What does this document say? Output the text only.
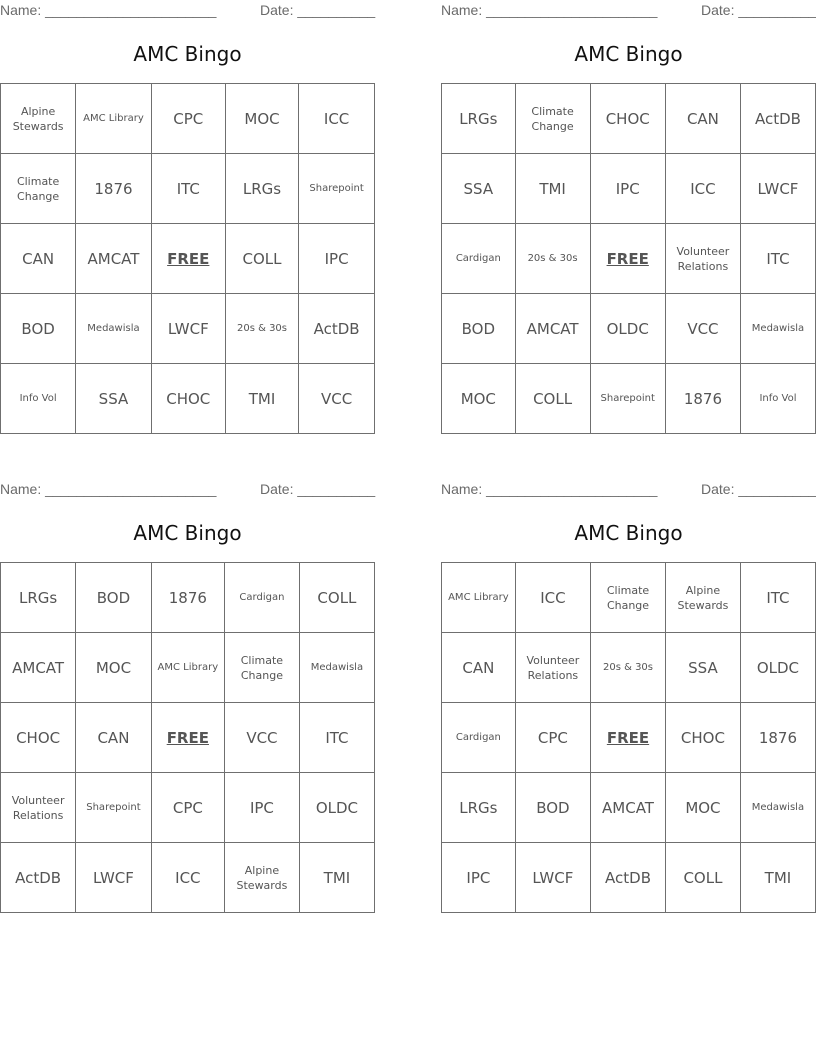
Name: ______________________	Date: __________
AMC Bingo
Alpine Stewards	AMC Library	CPC	MOC	ICC
Climate Change	1876	ITC	LRGs	Sharepoint
CAN	AMCAT	FREE	COLL	IPC
BOD	Medawisla	LWCF	20s & 30s	ActDB
Info Vol	SSA	CHOC	TMI	VCC
Name: ______________________	Date: __________
AMC Bingo
LRGs	Climate Change	CHOC	CAN	ActDB
SSA	TMI	IPC	ICC	LWCF
Cardigan	20s & 30s	FREE	Volunteer Relations	ITC
BOD	AMCAT	OLDC	VCC	Medawisla
MOC	COLL	Sharepoint	1876	Info Vol
Name: ______________________	Date: __________
AMC Bingo
LRGs	BOD	1876	Cardigan	COLL
AMCAT	MOC	AMC Library	Climate Change	Medawisla
CHOC	CAN	FREE	VCC	ITC
Volunteer Relations	Sharepoint	CPC	IPC	OLDC
ActDB	LWCF	ICC	Alpine Stewards	TMI
Name: ______________________	Date: __________
AMC Bingo
AMC Library	ICC	Climate Change	Alpine Stewards	ITC
CAN	Volunteer Relations	20s & 30s	SSA	OLDC
Cardigan	CPC	FREE	CHOC	1876
LRGs	BOD	AMCAT	MOC	Medawisla
IPC	LWCF	ActDB	COLL	TMI
